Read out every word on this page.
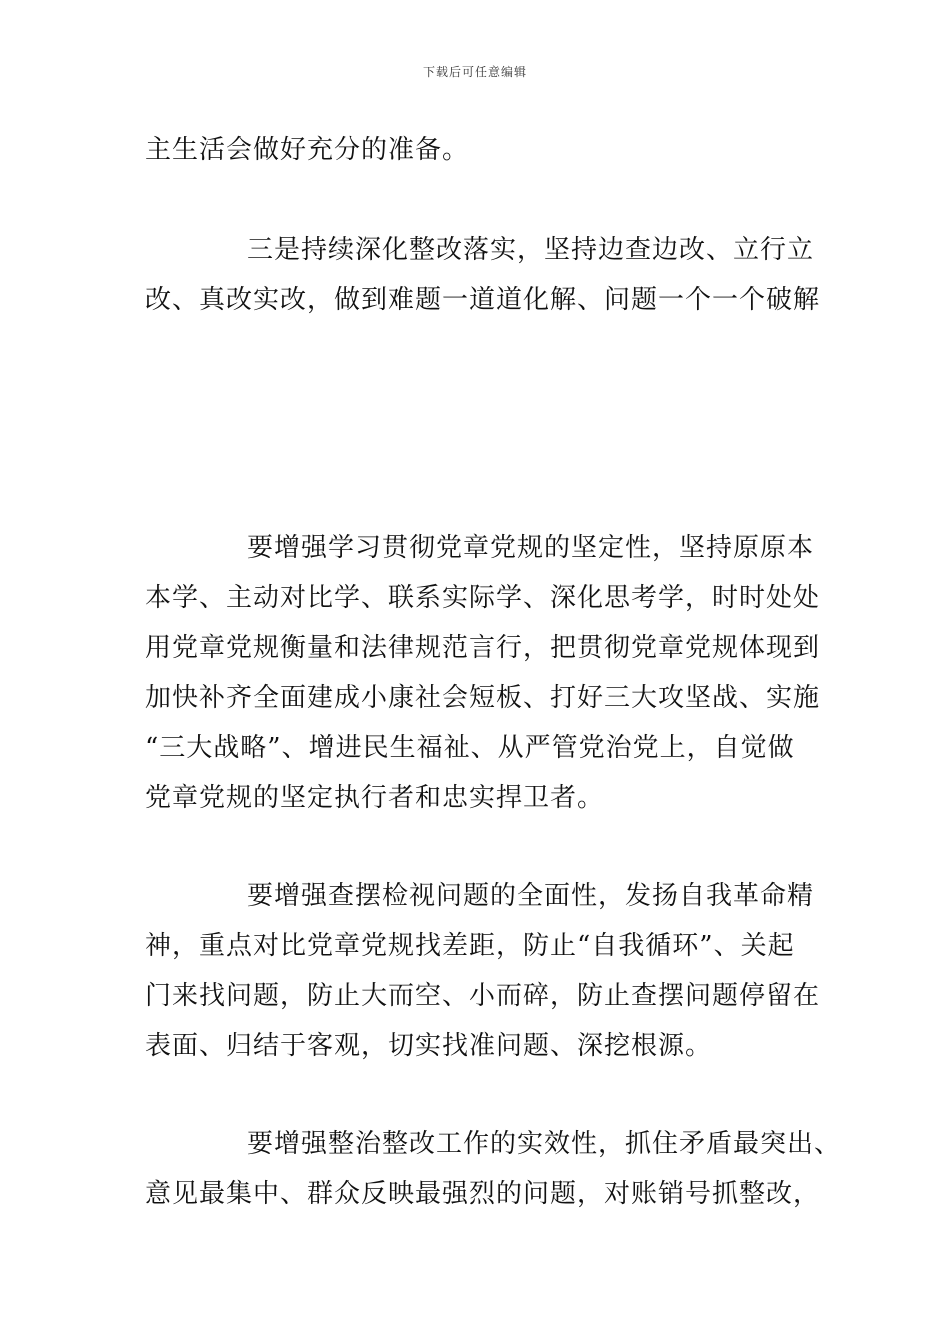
下载后可任意编辑
主生活会做好充分的准备。
三是持续深化整改落实，坚持边查边改、立行立
改、真改实改，做到难题一道道化解、问题一个一个破解
要增强学习贯彻党章党规的坚定性，坚持原原本
本学、主动对比学、联系实际学、深化思考学，时时处处
用党章党规衡量和法律规范言行，把贯彻党章党规体现到
加快补齐全面建成小康社会短板、打好三大攻坚战、实施
“三大战略”、增进民生福祉、从严管党治党上，自觉做
党章党规的坚定执行者和忠实捍卫者。
要增强查摆检视问题的全面性，发扬自我革命精
神，重点对比党章党规找差距，防止“自我循环”、关起
门来找问题，防止大而空、小而碎，防止查摆问题停留在
表面、归结于客观，切实找准问题、深挖根源。
要增强整治整改工作的实效性，抓住矛盾最突出、
意见最集中、群众反映最强烈的问题，对账销号抓整改，
